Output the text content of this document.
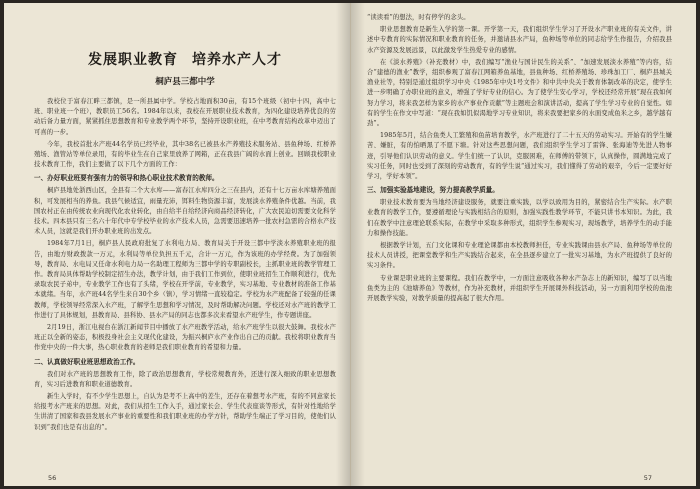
发展职业教育 培养水产人才
桐庐县三都中学

我校位于富春江畔三都镇，是一所县属中学。学校占地面积30亩，有15个班级（初中十四，高中七班、职业班一个班），教职员工56名。1984年以来，我校在开展职业技术教育，为四化建设培养优良的劳动后备力量方面，紧紧抓住思想教育和专业教学两个环节，坚持开设职业班，在中考教育结构改革中迈出了可喜的一步。

今年，我校首批水产班44名学员已经毕业，其中38名已被县水产养殖技术服务站、县鱼种场、红桥养殖场、渔管站等单位录用，有的毕业生在自己家里放养了网箱，正在我县广阔的水面上创业。回顾我校职业技术教育工作，我们主要做了以下几个方面的工作：

一、办好职业班要有强有力的领导和热心职业技术教育的教师。

桐庐县地处浙西山区，全县有二个大水库——富春江水库四分之三在县内，还有十七万亩水库塘养殖面积，可发展相当的养鱼。我县气候适宜，雨量充沛，饵料生物资源丰富，发展淡水养殖条件优越。当前，我国农村正在由传统农业向现代化农业转化，由自给半自给经济向商品经济转化，广大农民迫切需要文化科学技术。四本县只有三名六十年代中专学校毕业的水产技术人员，急需要迅速培养一批农村急需的合格水产技术人员，这就是我们开办职业班的出发点。

1984年7月1日，桐庐县人民政府批复了水利电力局、教育局关于开设三都中学淡水养殖职业班的报告，由地方财政拨款一万元，水利局等单位负担五千元，合计一万元，作为该班的办学经费。为了加强领导，教育局、水电局又任命水利电力局一名助理工程师为三都中学的专职副校长，主抓职业班的教学管理工作。教育局具体帮助学校制定招生办法，教学计划，由于我们工作到位，使职业班招生工作顺利进行，优先录取农民子弟中，专业教学工作也有了头绪，学校在开学前，专业教学，实习基地、专业教材的准备工作基本就绪。当年，水产班44名学生来自30个乡（镇），学习情绪一直较稳定。学校为水产班配备了较强的任课教师，学校领导经常深入水产班，了解学生思想和学习情况，及时帮助解决问题。学校还对水产班的教学工作进行了具体规划，县教育局、县科协、县水产局的同志也都多次来看望水产班学生，作专题讲座。

2月19日，浙江电视台在浙江新闻节目中播放了水产班教学活动，给水产班学生以很大鼓舞。我校水产班正以全新的姿态，积极投身社会主义现代化建设，为振兴桐庐水产业作出自己的贡献。我校将职业教育当作党中央的一件大事，热心职业教育的老师是我们职业教育的希望和力量。

二、认真做好职业班思想政治工作。

我们对水产班的思想教育工作，除了政治思想教育，学校常规教育外，还进行深入细致的职业思想教育，实习后进教育和职业道德教育。

新生入学时，有不少学生思想上，自认为是考不上高中的差生，还存在着想考水产班，有的不同意家长给报考水产班来的思想。对此，我们从招生工作入手，通过家长会、学生代表座谈等形式，有针对性地给学生讲清了国家和我县发展水产事业的重要性和我们职业班的办学方针，帮助学生端正了学习目的，使他们认识到“我们也是有出息的”。

56

“读读看”的想法，时有停学的念头。

职业思想教育是新生入学的第一课。开学第一天，我们组织学生学习了开设水产职业班的有关文件，讲述中专教育的实际情况和职业教育的任务，并邀请县水产局，鱼种场等单位的同志给学生作报告，介绍我县水产资源及发展远景，以此激发学生热爱专业的感情。

在《淡水养殖》（补充教材）中，我们编写“渔业与国计民生的关系”、“加速发展淡水养殖”等内容，结合“建德的渔业”教学，组织参观了富春江网箱养鱼基地，县鱼种场、红桥养殖场、珍珠加工厂、桐庐县城关渔业社等，特别是通过组织学习中央《1985年中央1号文件》和中共中央关于教育体制改革的决定，使学生进一步明确了办职业班的意义，增强了学好专业的信心。为了使学生安心学习，学校还经常开展“现在我如何努力学习，将来我怎样为家乡的水产事业作贡献”等主题班会和演讲活动，提高了学生学习专业的自觉性。如有的学生在作文中写道：“现在我如饥似渴地学习专业知识，将来我要把家乡的水面变成鱼米之乡，越学越有劲”。

1985年5月，结合鱼类人工繁殖和鱼苗培育教学，水产班进行了二十五天的劳动实习。开始有的学生嫌苦、嫌脏，有的怕晒黑了不愿下塘。针对这些思想问题，我们组织学生学习了雷锋、张海迪等先进人物事迹，引导他们认识劳动的意义。学生们统一了认识，克服困难，在师傅的带领下，认真操作，圆满地完成了实习任务，同时也受到了深刻的劳动教育，有的学生说“通过实习，我们懂得了劳动的艰辛，今后一定要好好学习，学好本领”。

三、加强实验基地建设，努力提高教学质量。

职业技术教育要为当地经济建设服务，就要注重实践，以学以致用为目的，紧密结合生产实际。水产职业教育的教学工作，要遵循理论与实践相结合的原则，加强实践性教学环节，不能只讲书本知识。为此，我们在教学中注意理论联系实际，在教学中采取多种形式，组织学生参观实习，现场教学，培养学生的动手能力和操作技能。

根据教学计划，五门文化课和专业理论课都由本校教师担任，专业实践课由县水产局、鱼种场等单位的技术人员讲授，把课堂教学和生产实践结合起来，在全县逐步建立了一批实习基地，为水产班提供了良好的实习条件。

专业课是职业班的主要课程。我们在教学中，一方面注意吸收各种水产杂志上的新知识，编写了以当地鱼类为主的《池塘养鱼》等教材，作为补充教材，并组织学生开展课外科技活动，另一方面利用学校的鱼池开展教学实验，对教学质量的提高起了很大作用。

57
